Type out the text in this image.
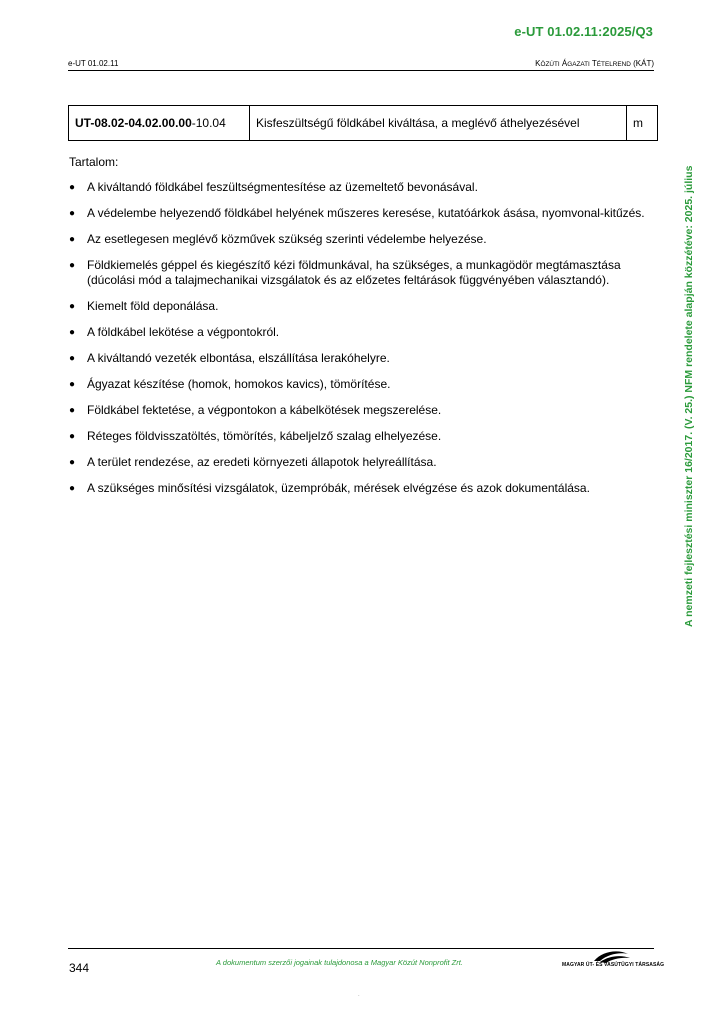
e-UT 01.02.11:2025/Q3
e-UT 01.02.11	KÖZÚTI ÁGAZATI TÉTELREND (KÁT)
A nemzeti fejlesztési miniszter 16/2017. (V. 25.) NFM rendelete alapján közzétéve: 2025. július
UT-08.02-04.02.00.00-10.04	Kisfeszültségű földkábel kiváltása, a meglévő áthelyezésével	m
Tartalom:
● A kiváltandó földkábel feszültségmentesítése az üzemeltető bevonásával.
● A védelembe helyezendő földkábel helyének műszeres keresése, kutatóárkok ásása, nyomvonal-kitűzés.
● Az esetlegesen meglévő közművek szükség szerinti védelembe helyezése.
● Földkiemelés géppel és kiegészítő kézi földmunkával, ha szükséges, a munkagödör megtámasztása (dúcolási mód a talajmechanikai vizsgálatok és az előzetes feltárások függvényében választandó).
● Kiemelt föld deponálása.
● A földkábel lekötése a végpontokról.
● A kiváltandó vezeték elbontása, elszállítása lerakóhelyre.
● Ágyazat készítése (homok, homokos kavics), tömörítése.
● Földkábel fektetése, a végpontokon a kábelkötések megszerelése.
● Réteges földvisszatöltés, tömörítés, kábeljelző szalag elhelyezése.
● A terület rendezése, az eredeti környezeti állapotok helyreállítása.
● A szükséges minősítési vizsgálatok, üzempróbák, mérések elvégzése és azok dokumentálása.
344	A dokumentum szerzői jogainak tulajdonosa a Magyar Közút Nonprofit Zrt.	MAGYAR ÚT- ÉS VASÚTÜGYI TÁRSASÁG
.
